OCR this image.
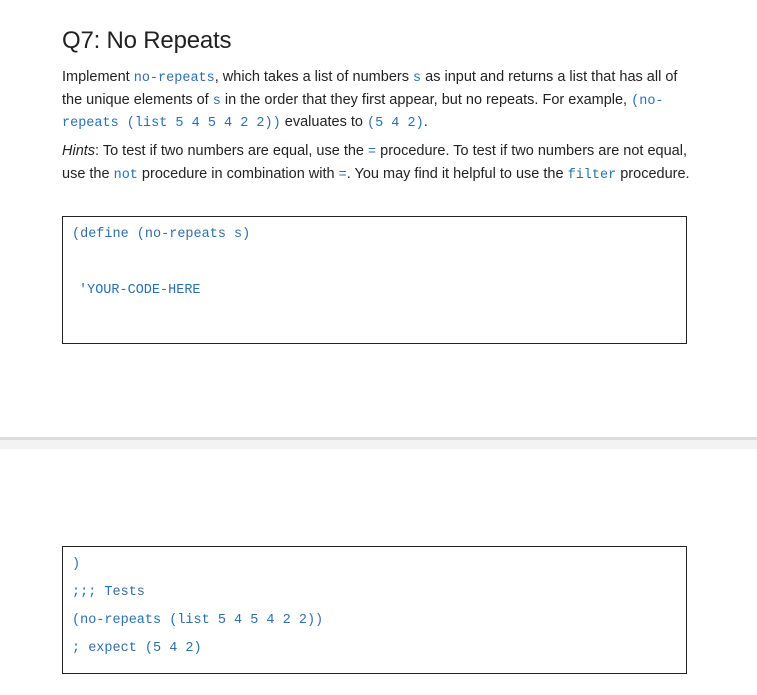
Q7: No Repeats

Implement no-repeats, which takes a list of numbers s as input and returns a list that has all of the unique elements of s in the order that they first appear, but no repeats. For example, (no-repeats (list 5 4 5 4 2 2)) evaluates to (5 4 2).

Hints: To test if two numbers are equal, use the = procedure. To test if two numbers are not equal, use the not procedure in combination with =. You may find it helpful to use the filter procedure.

(define (no-repeats s)
'YOUR-CODE-HERE
)
;;; Tests
(no-repeats (list 5 4 5 4 2 2))
; expect (5 4 2)
